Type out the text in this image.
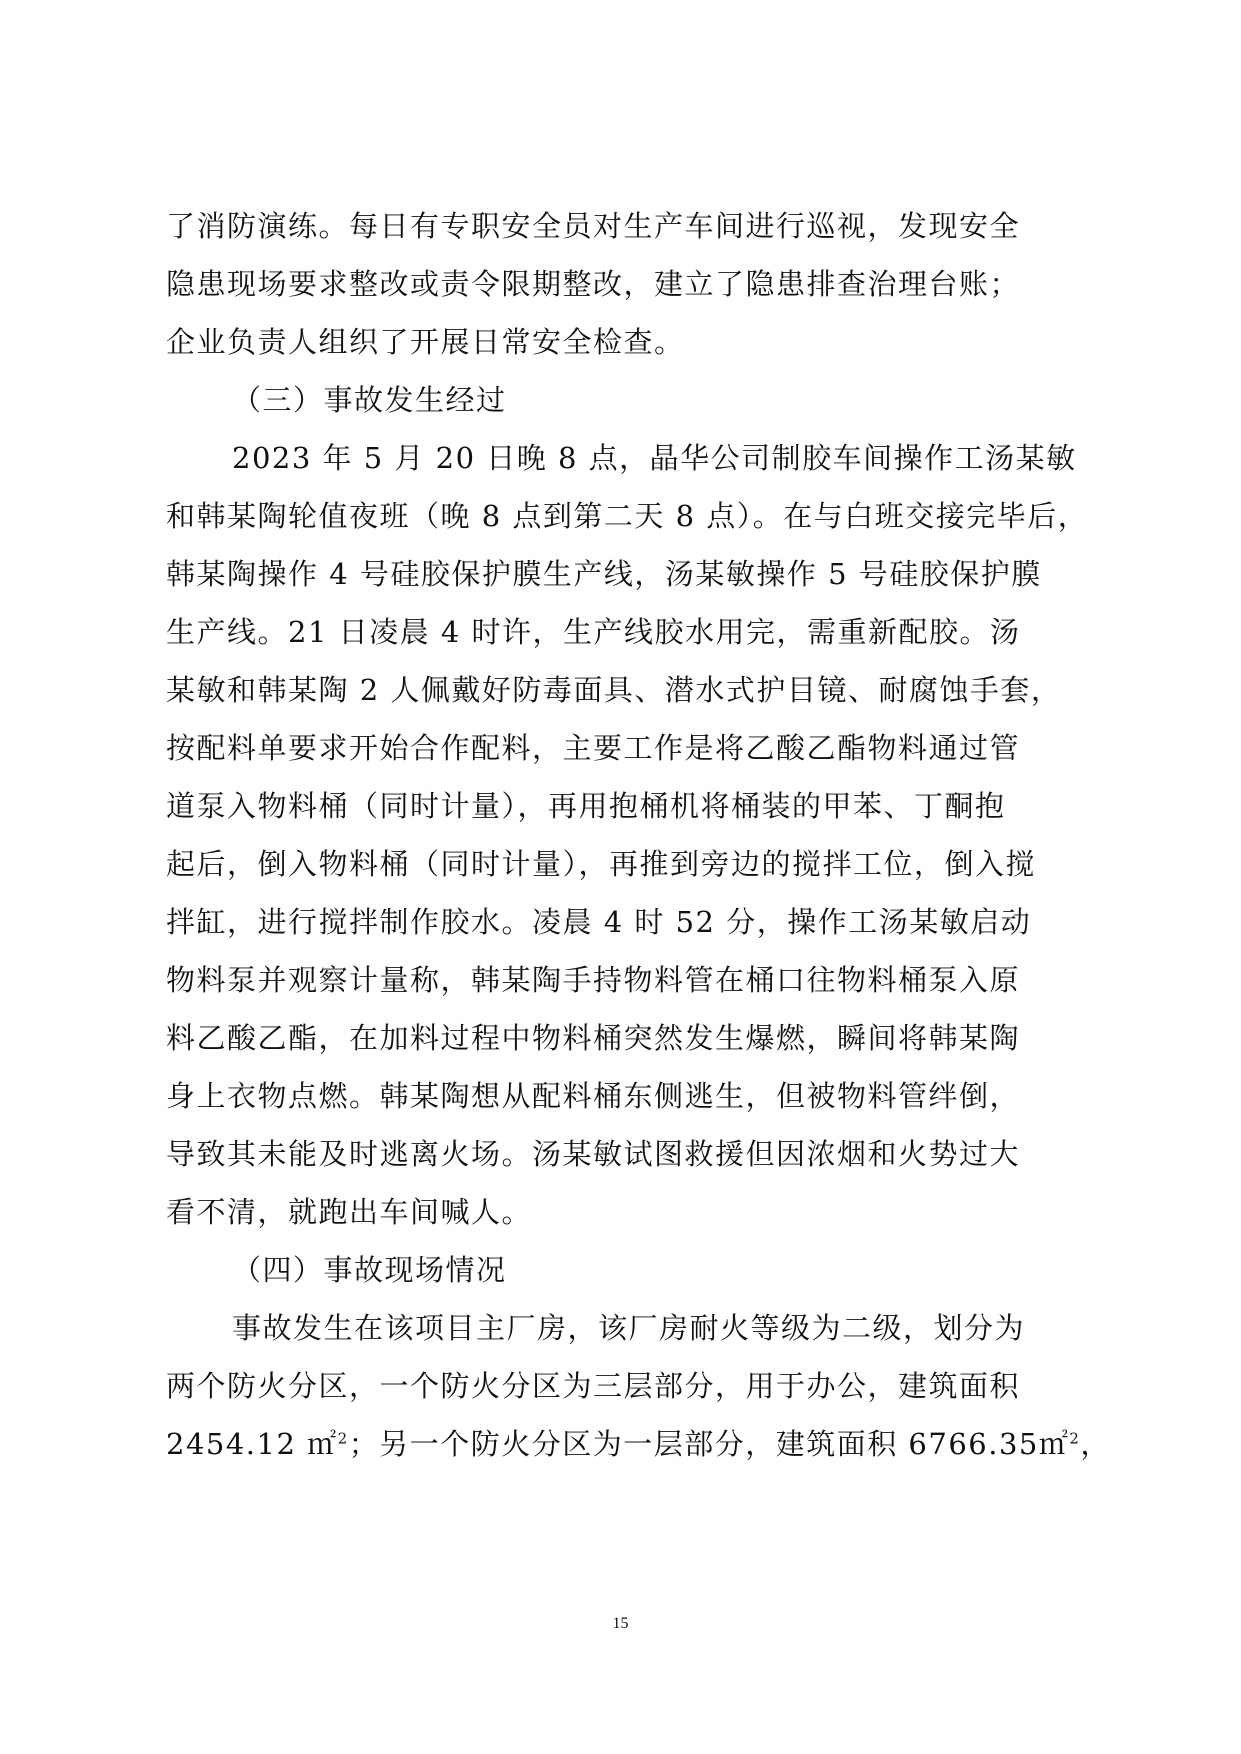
了消防演练。每日有专职安全员对生产车间进行巡视，发现安全
隐患现场要求整改或责令限期整改，建立了隐患排查治理台账；
企业负责人组织了开展日常安全检查。
（三）事故发生经过
2023 年 5 月 20 日晚 8 点，晶华公司制胶车间操作工汤某敏
和韩某陶轮值夜班（晚 8 点到第二天 8 点）。在与白班交接完毕后，
韩某陶操作 4 号硅胶保护膜生产线，汤某敏操作 5 号硅胶保护膜
生产线。21 日凌晨 4 时许，生产线胶水用完，需重新配胶。汤
某敏和韩某陶 2 人佩戴好防毒面具、潜水式护目镜、耐腐蚀手套，
按配料单要求开始合作配料，主要工作是将乙酸乙酯物料通过管
道泵入物料桶（同时计量），再用抱桶机将桶装的甲苯、丁酮抱
起后，倒入物料桶（同时计量），再推到旁边的搅拌工位，倒入搅
拌缸，进行搅拌制作胶水。凌晨 4 时 52 分，操作工汤某敏启动
物料泵并观察计量称，韩某陶手持物料管在桶口往物料桶泵入原
料乙酸乙酯，在加料过程中物料桶突然发生爆燃，瞬间将韩某陶
身上衣物点燃。韩某陶想从配料桶东侧逃生，但被物料管绊倒，
导致其未能及时逃离火场。汤某敏试图救援但因浓烟和火势过大
看不清，就跑出车间喊人。
（四）事故现场情况
事故发生在该项目主厂房，该厂房耐火等级为二级，划分为
两个防火分区，一个防火分区为三层部分，用于办公，建筑面积
2454.12 ㎡$^2$；另一个防火分区为一层部分，建筑面积 6766.35㎡$^2$，
15
